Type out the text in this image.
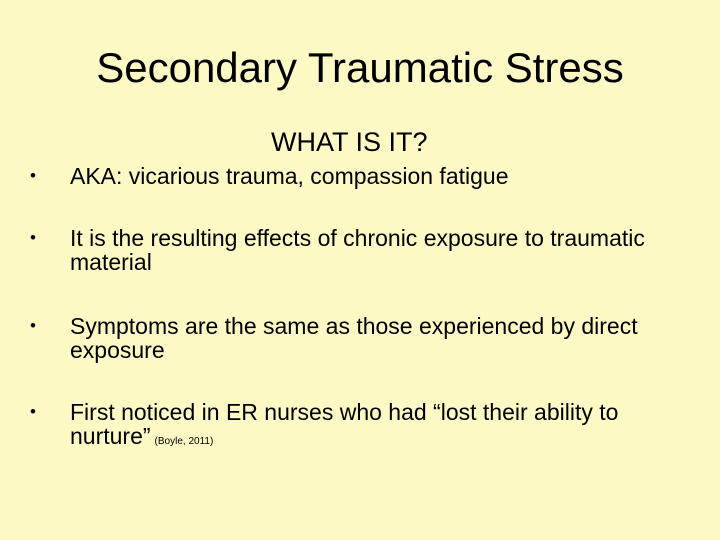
Secondary Traumatic Stress
WHAT IS IT?
•	AKA: vicarious trauma, compassion fatigue
•	It is the resulting effects of chronic exposure to traumatic material
•	Symptoms are the same as those experienced by direct exposure
•	First noticed in ER nurses who had “lost their ability to nurture” (Boyle, 2011)
